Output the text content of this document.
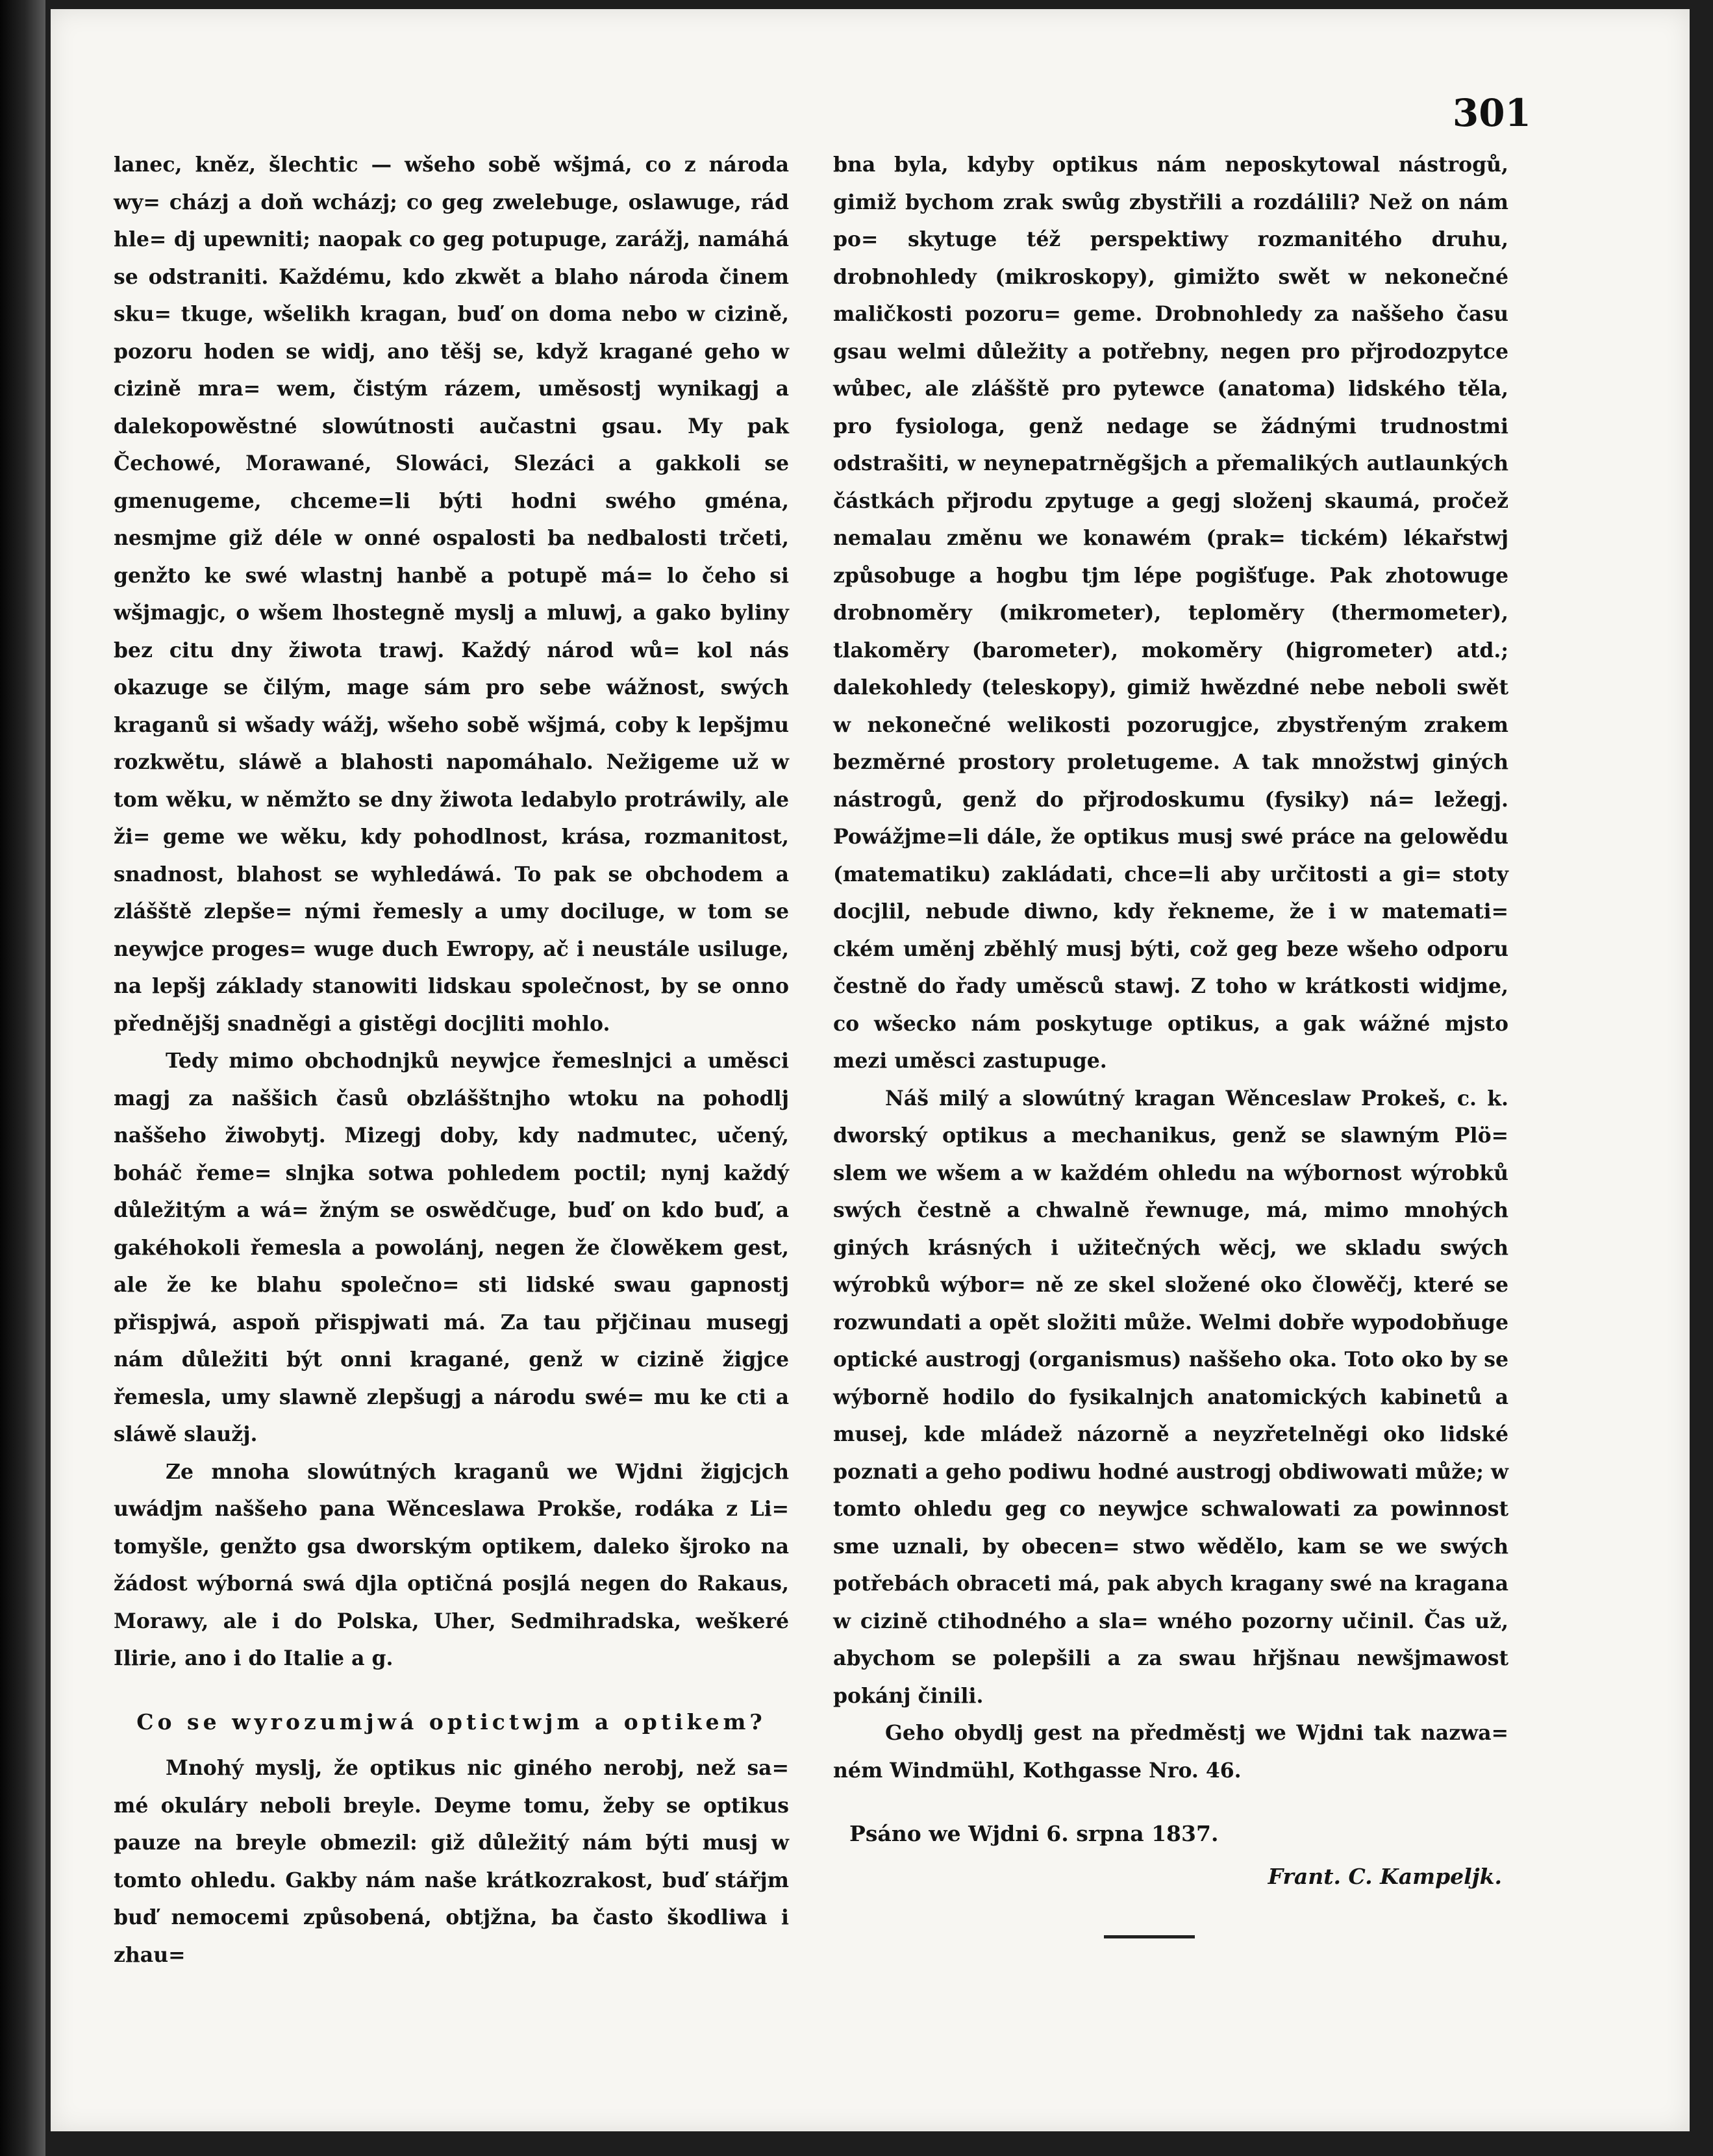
301

lanec, kněz, šlechtic — wšeho sobě wšjmá, co z národa wy= cházj a doň wcházj; co geg zwelebuge, oslawuge, rád hle= dj upewniti; naopak co geg potupuge, zarážj, namáhá se odstraniti. Každému, kdo zkwět a blaho národa činem sku= tkuge, wšelikh kragan, buď on doma nebo w cizině, pozoru hoden se widj, ano těšj se, když kragané geho w cizině mra= wem, čistým rázem, uměsostj wynikagj a dalekopowěstné slowútnosti aučastni gsau. My pak Čechowé, Morawané, Slowáci, Slezáci a gakkoli se gmenugeme, chceme=li býti hodni swého gména, nesmjme giž déle w onné ospalosti ba nedbalosti trčeti, genžto ke swé wlastnj hanbě a potupě má= lo čeho si wšjmagjc, o wšem lhostegně myslj a mluwj, a gako byliny bez citu dny žiwota trawj. Každý národ wů= kol nás okazuge se čilým, mage sám pro sebe wážnost, swých kraganů si wšady wážj, wšeho sobě wšjmá, coby k lepšjmu rozkwětu, sláwě a blahosti napomáhalo. Nežigeme už w tom wěku, w němžto se dny žiwota ledabylo protráwily, ale ži= geme we wěku, kdy pohodlnost, krása, rozmanitost, snadnost, blahost se wyhledáwá. To pak se obchodem a zlášště zlepše= nými řemesly a umy dociluge, w tom se neywjce proges= wuge duch Ewropy, ač i neustále usiluge, na lepšj základy stanowiti lidskau společnost, by se onno přednějšj snadněgi a gistěgi docjliti mohlo.

Tedy mimo obchodnjků neywjce řemeslnjci a uměsci magj za naššich časů obzlášštnjho wtoku na pohodlj naššeho žiwobytj. Mizegj doby, kdy nadmutec, učený, boháč řeme= slnjka sotwa pohledem poctil; nynj každý důležitým a wá= žným se oswědčuge, buď on kdo buď, a gakéhokoli řemesla a powolánj, negen že člowěkem gest, ale že ke blahu společno= sti lidské swau gapnostj přispjwá, aspoň přispjwati má. Za tau přjčinau musegj nám důležiti být onni kragané, genž w cizině žigjce řemesla, umy slawně zlepšugj a národu swé= mu ke cti a sláwě slaužj.

Ze mnoha slowútných kraganů we Wjdni žigjcjch uwádjm naššeho pana Wěnceslawa Prokše, rodáka z Li= tomyšle, genžto gsa dworským optikem, daleko šjroko na žádost wýborná swá djla optičná posjlá negen do Rakaus, Morawy, ale i do Polska, Uher, Sedmihradska, weškeré Ilirie, ano i do Italie a g.

Co se wyrozumjwá optictwjm a optikem?

Mnohý myslj, že optikus nic giného nerobj, než sa= mé okuláry neboli breyle. Deyme tomu, žeby se optikus pauze na breyle obmezil: giž důležitý nám býti musj w tomto ohledu. Gakby nám naše krátkozrakost, buď stářjm buď nemocemi způsobená, obtjžna, ba často škodliwa i zhau=

bna byla, kdyby optikus nám neposkytowal nástrogů, gimiž bychom zrak swůg zbystřili a rozdálili? Než on nám po= skytuge též perspektiwy rozmanitého druhu, drobnohledy (mikroskopy), gimižto swět w nekonečné maličkosti pozoru= geme. Drobnohledy za naššeho času gsau welmi důležity a potřebny, negen pro přjrodozpytce wůbec, ale zlášště pro pytewce (anatoma) lidského těla, pro fysiologa, genž nedage se žádnými trudnostmi odstrašiti, w neynepatrněgšjch a přemalikých autlaunkých částkách přjrodu zpytuge a gegj složenj skaumá, pročež nemalau změnu we konawém (prak= tickém) lékařstwj způsobuge a hogbu tjm lépe pogišťuge. Pak zhotowuge drobnoměry (mikrometer), teploměry (thermometer), tlakoměry (barometer), mokoměry (higrometer) atd.; dalekohledy (teleskopy), gimiž hwězdné nebe neboli swět w nekonečné welikosti pozorugjce, zbystřeným zrakem bezměrné prostory proletugeme. A tak množstwj giných nástrogů, genž do přjrodoskumu (fysiky) ná= ležegj. Powážjme=li dále, že optikus musj swé práce na gelowědu (matematiku) zakládati, chce=li aby určitosti a gi= stoty docjlil, nebude diwno, kdy řekneme, že i w matemati= ckém uměnj zběhlý musj býti, což geg beze wšeho odporu čestně do řady uměsců stawj. Z toho w krátkosti widjme, co wšecko nám poskytuge optikus, a gak wážné mjsto mezi uměsci zastupuge.

Náš milý a slowútný kragan Wěnceslaw Prokeš, c. k. dworský optikus a mechanikus, genž se slawným Plö= slem we wšem a w každém ohledu na wýbornost wýrobků swých čestně a chwalně řewnuge, má, mimo mnohých giných krásných i užitečných wěcj, we skladu swých wýrobků wýbor= ně ze skel složené oko člowěčj, které se rozwundati a opět složiti může. Welmi dobře wypodobňuge optické austrogj (organismus) naššeho oka. Toto oko by se wýborně hodilo do fysikalnjch anatomických kabinetů a musej, kde mládež názorně a neyzřetelněgi oko lidské poznati a geho podiwu hodné austrogj obdiwowati může; w tomto ohledu geg co neywjce schwalowati za powinnost sme uznali, by obecen= stwo wědělo, kam se we swých potřebách obraceti má, pak abych kragany swé na kragana w cizině ctihodného a sla= wného pozorny učinil. Čas už, abychom se polepšili a za swau hřjšnau newšjmawost pokánj činili.

Geho obydlj gest na předměstj we Wjdni tak nazwa= ném Windmühl, Kothgasse Nro. 46.

Psáno we Wjdni 6. srpna 1837.

Frant. C. Kampeljk.
